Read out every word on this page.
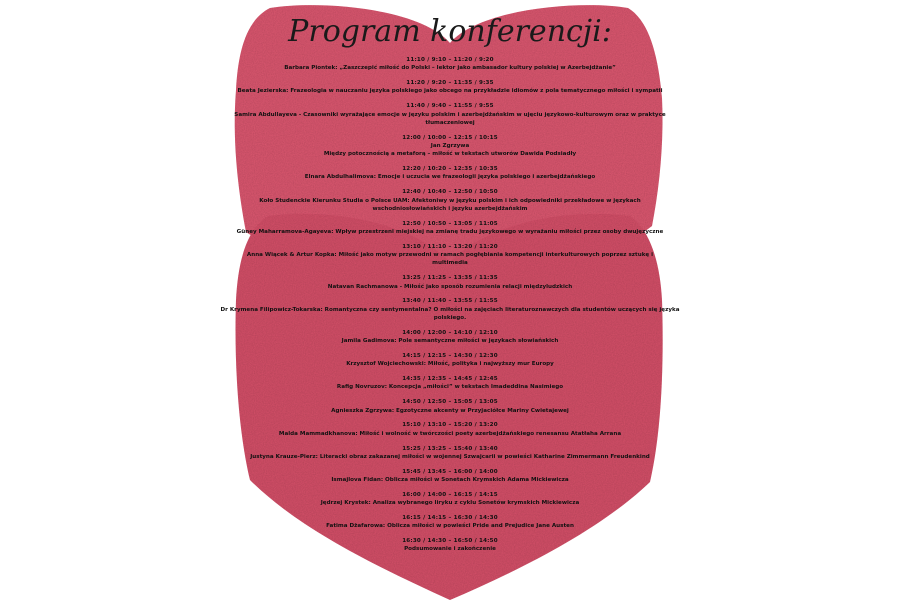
Program konferencji:
11:10 / 9:10 – 11:20 / 9:20
Barbara Piontek: „Zaszczepić miłość do Polski – lektor jako ambasador kultury polskiej w Azerbejdżanie”
11:20 / 9:20 – 11:35 / 9:35
Beata Jezierska: Frazeologia w nauczaniu języka polskiego jako obcego na przykładzie idiomów z pola tematycznego miłości i sympatii
11:40 / 9:40 – 11:55 / 9:55
Samira Abdullayeva - Czasowniki wyrażające emocje w języku polskim i azerbejdżańskim w ujęciu językowo-kulturowym oraz w praktyce tłumaczeniowej
12:00 / 10:00 – 12:15 / 10:15
Jan Zgrzywa
Między potocznością a metaforą – miłość w tekstach utworów Dawida Podsiadły
12:20 / 10:20 – 12:35 / 10:35
Elnara Abdulhalimova: Emocje i uczucia we frazeologii języka polskiego i azerbejdżańskiego
12:40 / 10:40 – 12:50 / 10:50
Koło Studenckie Kierunku Studia o Polsce UAM: Afektoniwy w języku polskim i ich odpowiedniki przekładowe w językach wschodniosłowiańskich i języku azerbejdżańskim
12:50 / 10:50 – 13:05 / 11:05
Güney Maharramova-Agayeva: Wpływ przestrzeni miejskiej na zmianę tradu językowego w wyrażaniu miłości przez osoby dwujęzyczne
13:10 / 11:10 – 13:20 / 11:20
Anna Wiącek & Artur Kopka: Miłość jako motyw przewodni w ramach pogłębiania kompetencji interkulturowych poprzez sztukę i multimedia
13:25 / 11:25 – 13:35 / 11:35
Natavan Rachmanowa - Miłość jako sposób rozumienia relacji międzyludzkich
13:40 / 11:40 – 13:55 / 11:55
Dr Krymena Filipowicz-Tokarska: Romantyczna czy sentymentalna? O miłości na zajęciach literaturoznawczych dla studentów uczących się języka polskiego.
14:00 / 12:00 – 14:10 / 12:10
Jamila Gadimova: Pole semantyczne miłości w językach słowiańskich
14:15 / 12:15 – 14:30 / 12:30
Krzysztof Wojciechowski: Miłość, polityka i najwyższy mur Europy
14:35 / 12:35 – 14:45 / 12:45
Rafig Novruzov: Koncepcja „miłości” w tekstach Imadeddina Nasimiego
14:50 / 12:50 – 15:05 / 13:05
Agnieszka Zgrzywa: Egzotyczne akcenty w Przyjaciółce Mariny Cwietajewej
15:10 / 13:10 – 15:20 / 13:20
Malda Mammadkhanova: Miłość i wolność w twórczości poety azerbejdżańskiego renesansu Atatłaha Arrana
15:25 / 13:25 – 15:40 / 13:40
Justyna Krauze-Pierz: Literacki obraz zakazanej miłości w wojennej Szwajcarii w powieści Katharine Zimmermann Freudenkind
15:45 / 13:45 – 16:00 / 14:00
Ismajlova Fidan: Oblicza miłości w Sonetach Krymskich Adama Mickiewicza
16:00 / 14:00 – 16:15 / 14:15
Jędrzej Krystek: Analiza wybranego liryku z cyklu Sonetów krymskich Mickiewicza
16:15 / 14:15 – 16:30 / 14:30
Fatima Dżafarowa: Oblicza miłości w powieści Pride and Prejudice Jane Austen
16:30 / 14:30 – 16:50 / 14:50
Podsumowanie i zakończenie
